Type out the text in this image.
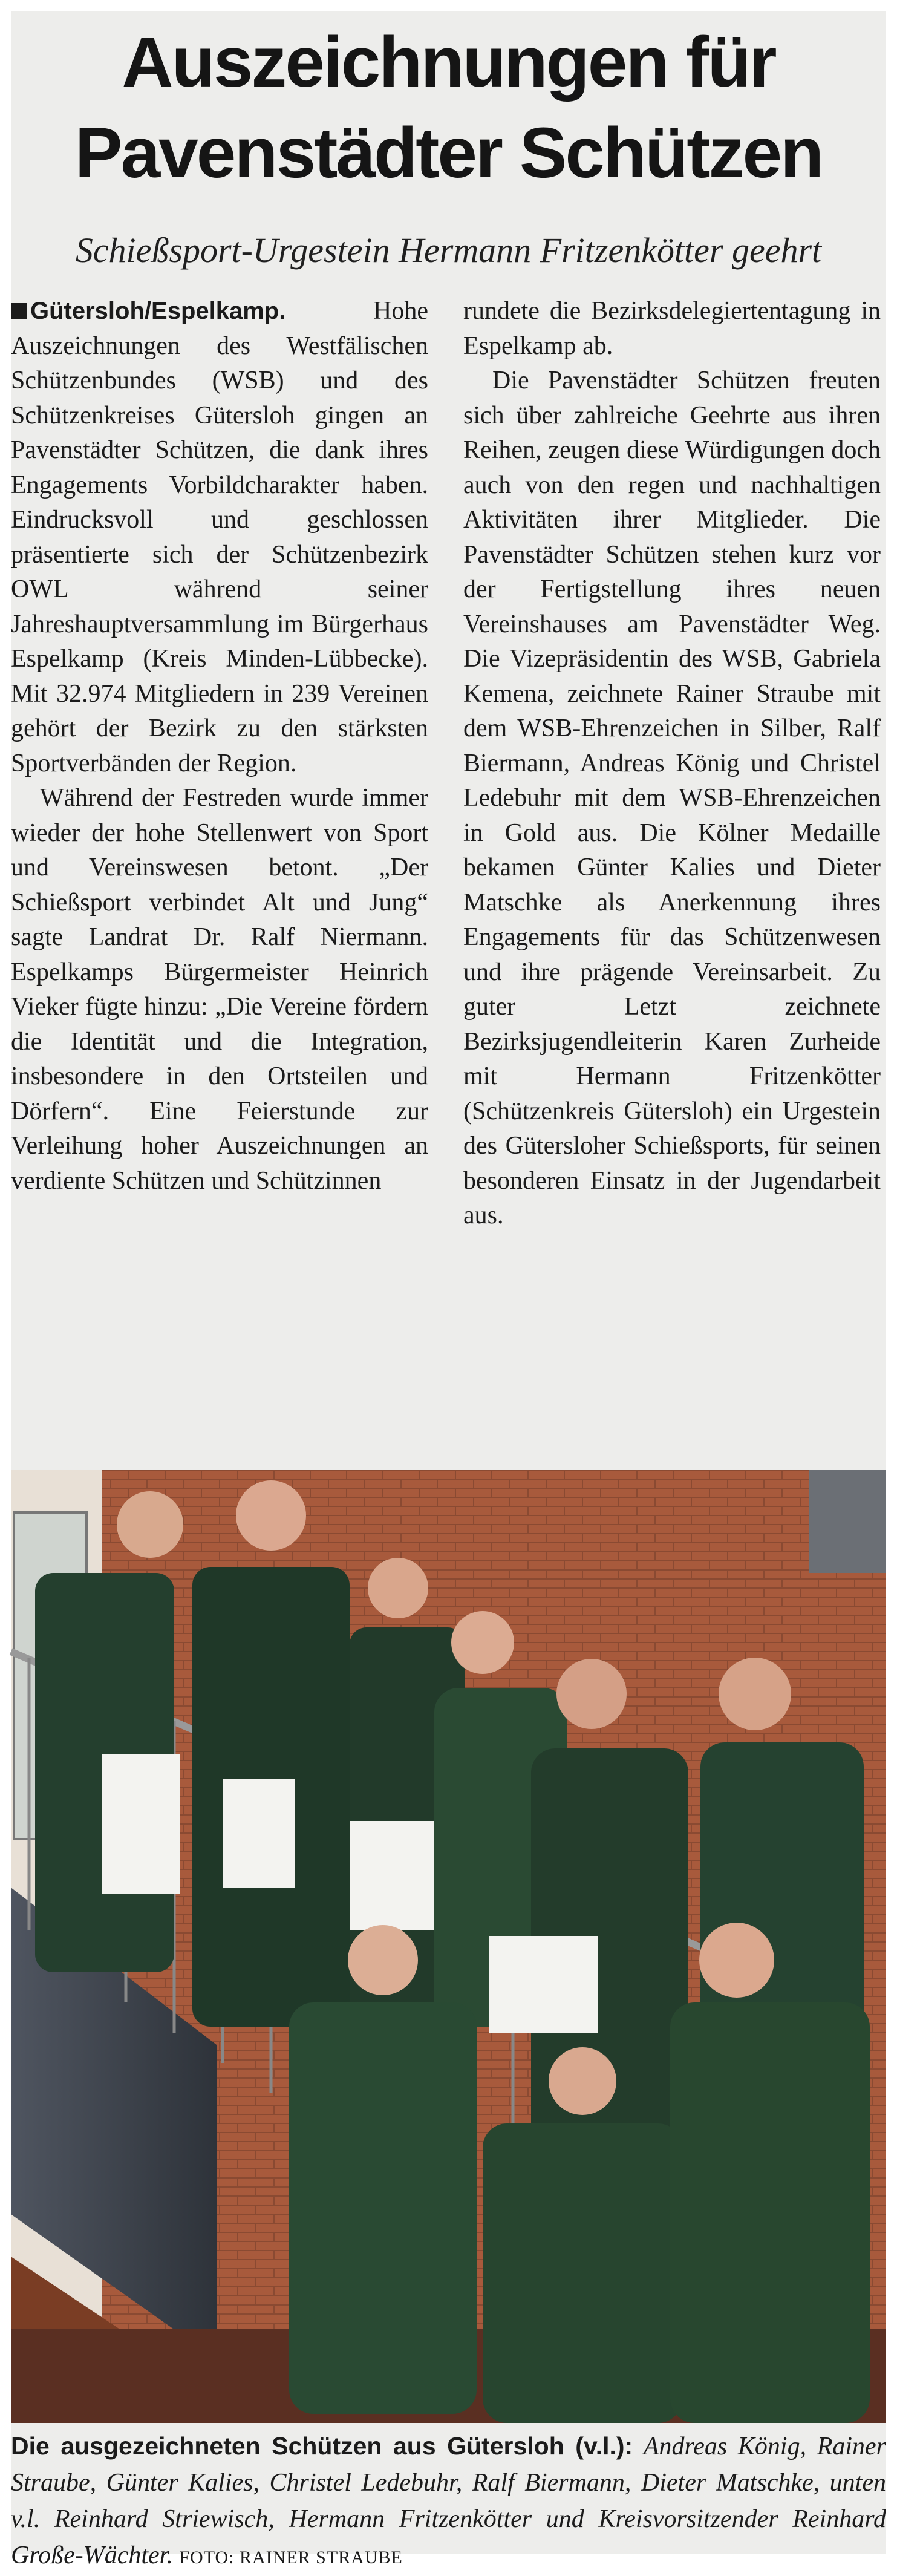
Auszeichnungen für
Pavenstädter Schützen
Schießsport-Urgestein Hermann Fritzenkötter geehrt

Gütersloh/Espelkamp.	Hohe Auszeichnungen des Westfälischen Schützenbundes (WSB) und des Schützenkreises Gütersloh gingen an Pavenstädter Schützen, die dank ihres Engagements Vorbildcharakter haben. Eindrucksvoll und geschlossen präsentierte sich der Schützenbezirk OWL während seiner Jahreshauptversammlung im Bürgerhaus Espelkamp (Kreis Minden-Lübbecke). Mit 32.974 Mitgliedern in 239 Vereinen gehört der Bezirk zu den stärksten Sportverbänden der Region.

Während der Festreden wurde immer wieder der hohe Stellenwert von Sport und Vereinswesen betont. „Der Schießsport verbindet Alt und Jung“ sagte Landrat Dr. Ralf Niermann. Espelkamps Bürgermeister Heinrich Vieker fügte hinzu: „Die Vereine fördern die Identität und die Integration, insbesondere in den Ortsteilen und Dörfern“. Eine Feierstunde zur Verleihung hoher Auszeichnungen an verdiente Schützen und Schützinnen

rundete die Bezirksdelegiertentagung in Espelkamp ab.

Die Pavenstädter Schützen freuten sich über zahlreiche Geehrte aus ihren Reihen, zeugen diese Würdigungen doch auch von den regen und nachhaltigen Aktivitäten ihrer Mitglieder. Die Pavenstädter Schützen stehen kurz vor der Fertigstellung ihres neuen Vereinshauses am Pavenstädter Weg. Die Vizepräsidentin des WSB, Gabriela Kemena, zeichnete Rainer Straube mit dem WSB-Ehrenzeichen in Silber, Ralf Biermann, Andreas König und Christel Ledebuhr mit dem WSB-Ehrenzeichen in Gold aus. Die Kölner Medaille bekamen Günter Kalies und Dieter Matschke als Anerkennung ihres Engagements für das Schützenwesen und ihre prägende Vereinsarbeit. Zu guter Letzt zeichnete Bezirksjugendleiterin Karen Zurheide mit Hermann Fritzenkötter (Schützenkreis Gütersloh) ein Urgestein des Gütersloher Schießsports, für seinen besonderen Einsatz in der Jugendarbeit aus.

Die ausgezeichneten Schützen aus Gütersloh (v.l.): Andreas König, Rainer Straube, Günter Kalies, Christel Ledebuhr, Ralf Biermann, Dieter Matschke, unten v.l. Reinhard Striewisch, Hermann Fritzenkötter und Kreisvorsitzender Reinhard Große-Wächter. FOTO: RAINER STRAUBE
